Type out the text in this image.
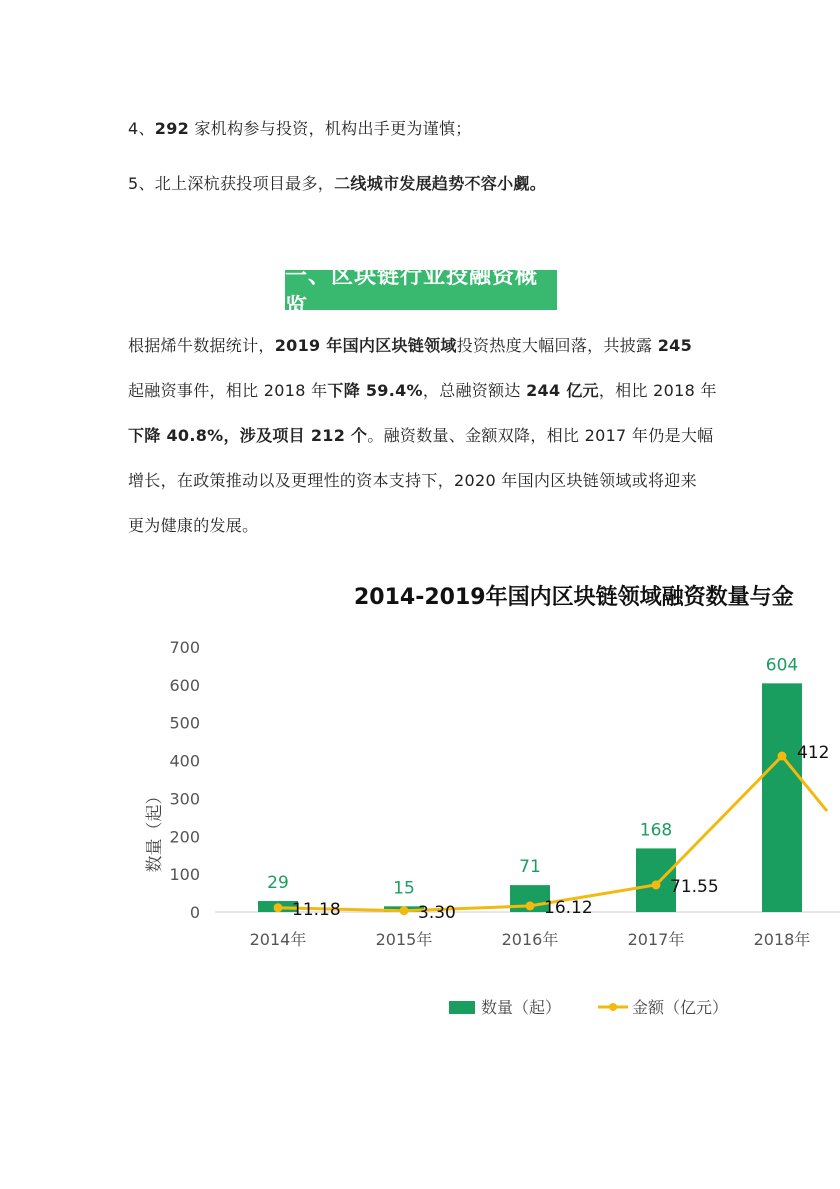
4、292 家机构参与投资，机构出手更为谨慎；
5、北上深杭获投项目最多，二线城市发展趋势不容小觑。
一、区块链行业投融资概览
根据烯牛数据统计，2019 年国内区块链领域投资热度大幅回落，共披露 245
起融资事件，相比 2018 年下降 59.4%，总融资额达 244 亿元，相比 2018 年
下降 40.8%，涉及项目 212 个。融资数量、金额双降，相比 2017 年仍是大幅
增长，在政策推动以及更理性的资本支持下，2020 年国内区块链领域或将迎来
更为健康的发展。
2014-2019年国内区块链领域融资数量与金
0
100
200
300
400
500
600
700
数量（起）
29	15
71
168
604
2014年	2015年	2016年	2017年	2018年
11.18	3.30	16.12
71.55
412
数量（起）	金额（亿元）
